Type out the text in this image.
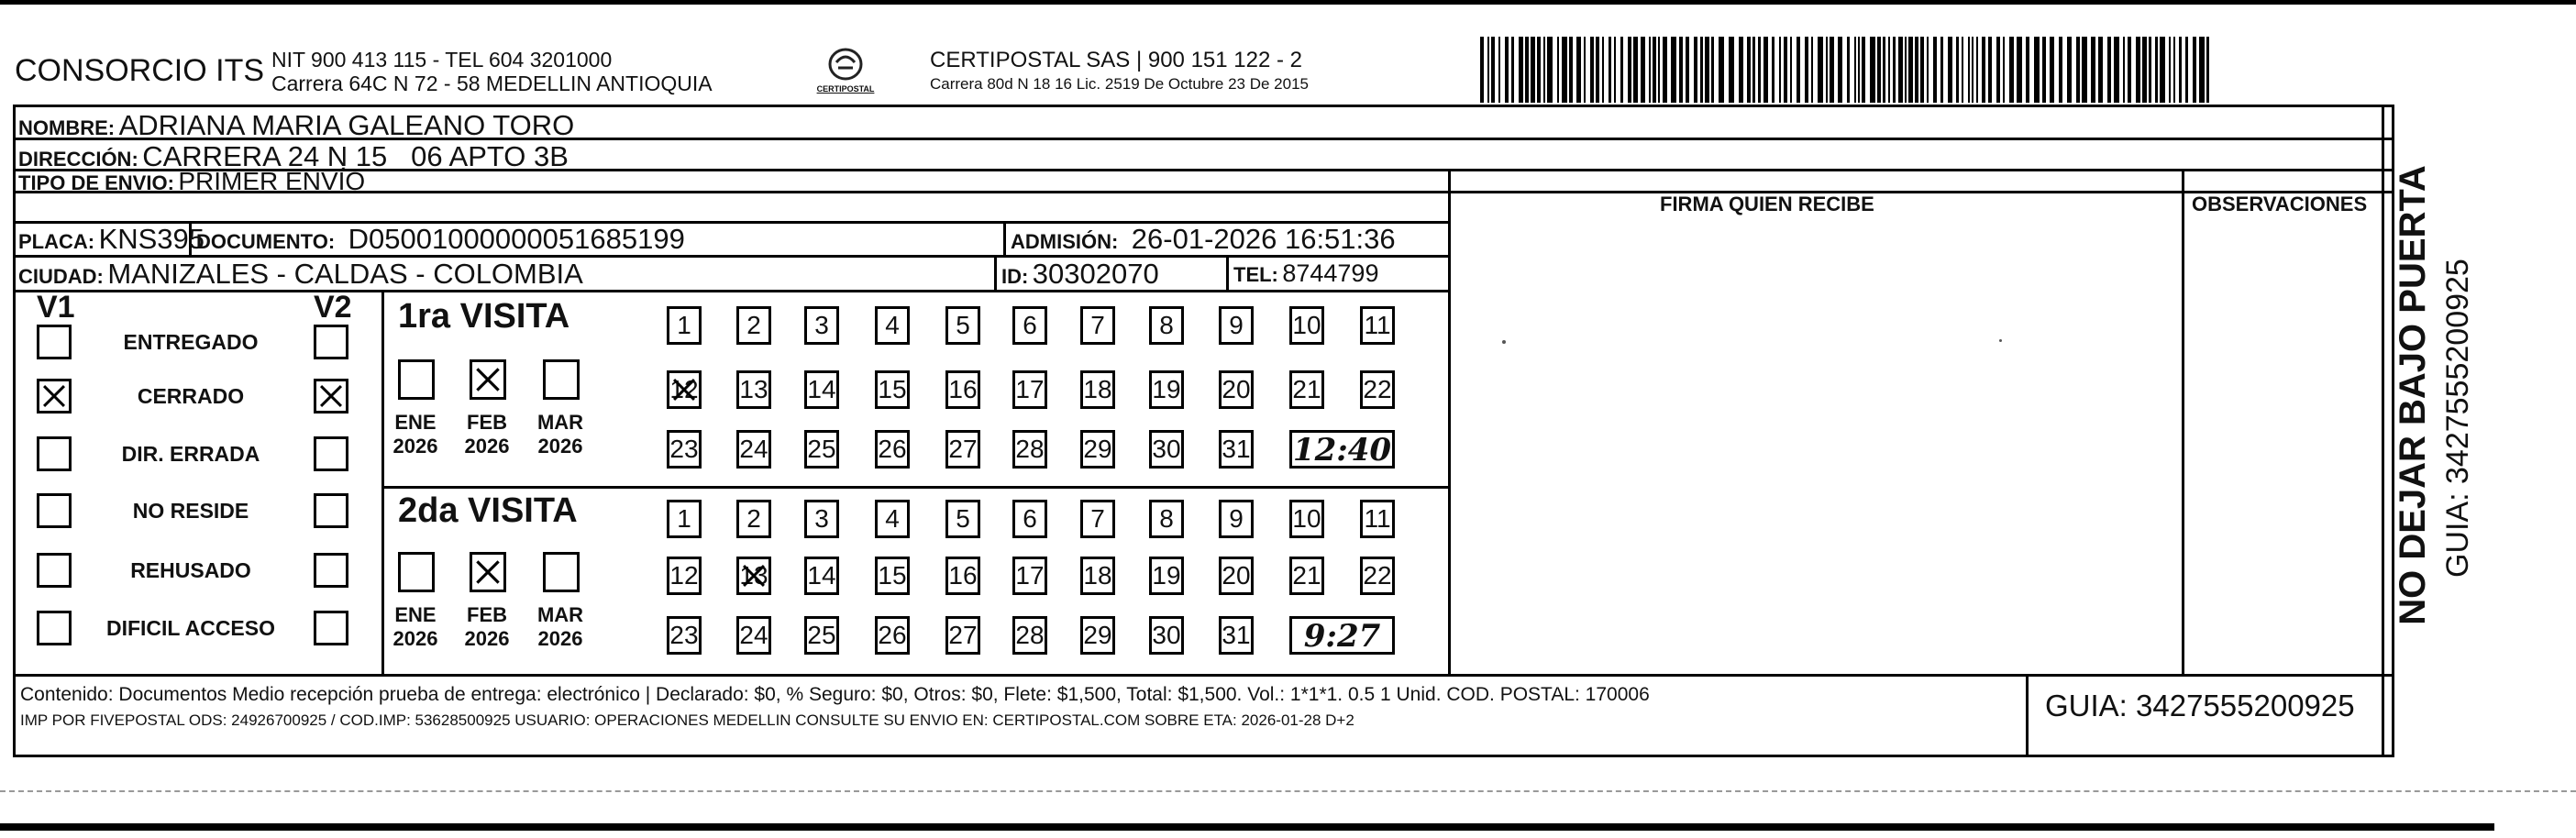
CONSORCIO ITS NIT 900 413 115 - TEL 604 3201000
Carrera 64C N 72 - 58 MEDELLIN ANTIOQUIA	CERTIPOSTAL
CERTIPOSTAL SAS | 900 151 122 - 2
Carrera 80d N 18 16 Lic. 2519 De Octubre 23 De 2015
NOMBRE: ADRIANA MARIA GALEANO TORO
DIRECCIÓN: CARRERA 24 N 15   06 APTO 3B
TIPO DE ENVIO: PRIMER ENVÍO
FIRMA QUIEN RECIBE	OBSERVACIONES
PLACA: KNS395
DOCUMENTO: D05001000000051685199	ADMISIÓN: 26-01-2026 16:51:36
CIUDAD: MANIZALES - CALDAS - COLOMBIA	ID: 30302070	TEL: 8744799
V1	V2
ENTREGADO
CERRADO
DIR. ERRADA
NO RESIDE
REHUSADO
DIFICIL ACCESO
1ra VISITA
2da VISITA
ENE
2026
FEB
2026
MAR
2026
ENE
2026
FEB
2026
MAR
2026
1	2	3	4	5	6	7	8	9	10 11
12 13 14 15 16 17 18 19 20 21 22
23 24 25 26 27 28 29 30 31 12:40
1	2	3	4	5	6	7	8	9	10 11
12 13 14 15 16 17 18 19 20 21 22
23 24 25 26 27 28 29 30 31	9:27
Contenido: Documentos Medio recepción prueba de entrega: electrónico | Declarado: $0, % Seguro: $0, Otros: $0, Flete: $1,500, Total: $1,500. Vol.: 1*1*1. 0.5 1 Unid. COD. POSTAL: 170006
IMP POR FIVEPOSTAL ODS: 24926700925 / COD.IMP: 53628500925 USUARIO: OPERACIONES MEDELLIN CONSULTE SU ENVIO EN: CERTIPOSTAL.COM SOBRE ETA: 2026-01-28 D+2	GUIA: 3427555200925
NO DEJAR BAJO PUERTA GUIA: 3427555200925
